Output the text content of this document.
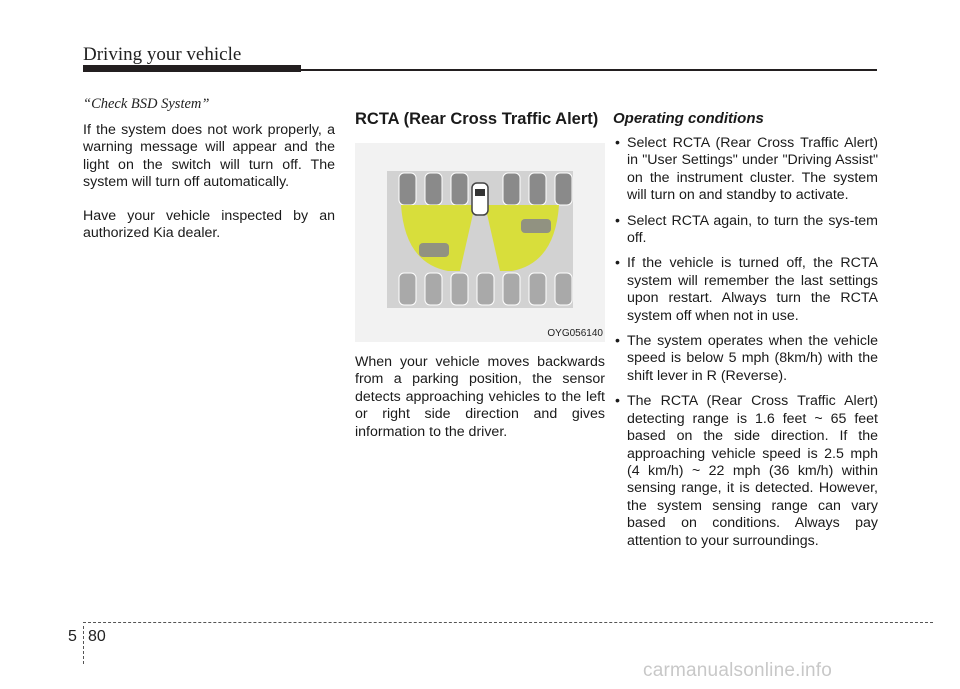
Driving your vehicle

“Check BSD System”

If the system does not work properly, a warning message will appear and the light on the switch will turn off. The system will turn off automatically.

Have your vehicle inspected by an authorized Kia dealer.

RCTA (Rear Cross Traffic Alert)
OYG056140

When your vehicle moves backwards from a parking position, the sensor detects approaching vehicles to the left or right side direction and gives information to the driver.

Operating conditions
• Select RCTA (Rear Cross Traffic Alert) in "User Settings" under "Driving Assist" on the instrument cluster. The system will turn on and standby to activate.
• Select RCTA again, to turn the sys-tem off.
• If the vehicle is turned off, the RCTA system will remember the last settings upon restart. Always turn the RCTA system off when not in use.
• The system operates when the vehicle speed is below 5 mph (8km/h) with the shift lever in R (Reverse).
• The RCTA (Rear Cross Traffic Alert) detecting range is 1.6 feet ~ 65 feet based on the side direction. If the approaching vehicle speed is 2.5 mph (4 km/h) ~ 22 mph (36 km/h) within sensing range, it is detected. However, the system sensing range can vary based on conditions. Always pay attention to your surroundings.
5 80
carmanualsonline.info
